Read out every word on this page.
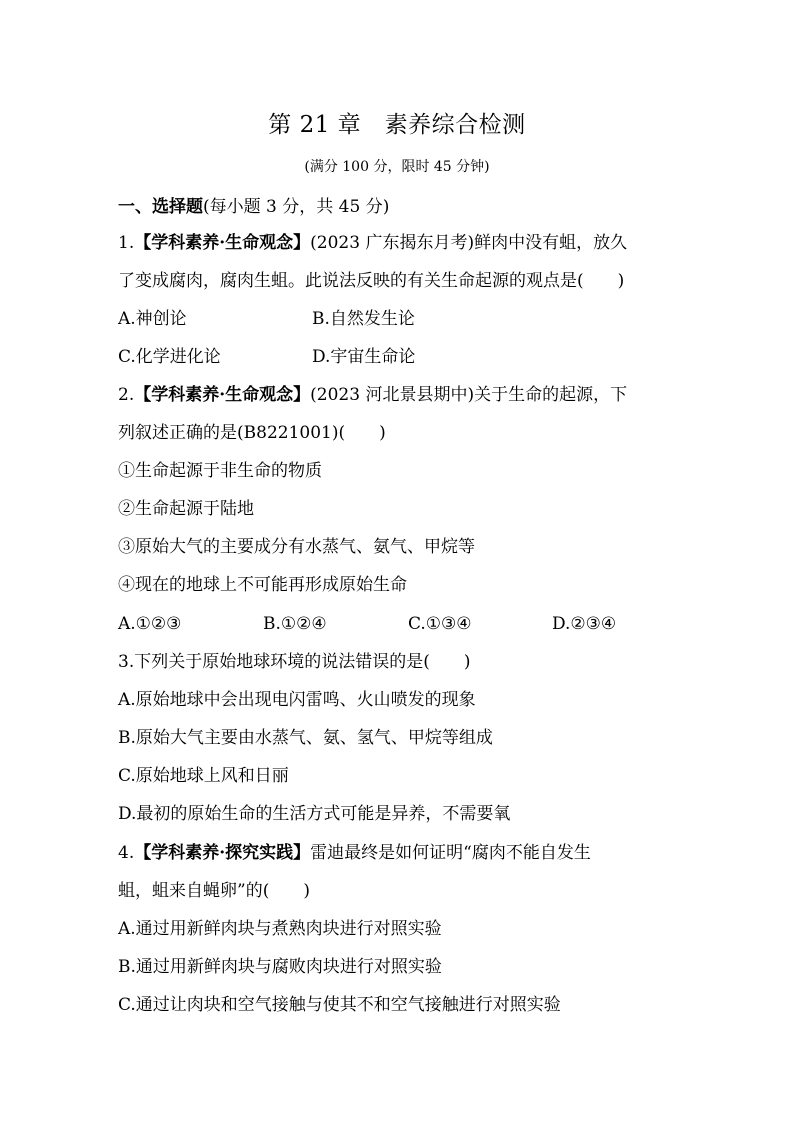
第 21 章　素养综合检测
(满分 100 分，限时 45 分钟)
一、选择题(每小题 3 分，共 45 分)
1.【学科素养·生命观念】(2023 广东揭东月考)鲜肉中没有蛆，放久
了变成腐肉，腐肉生蛆。此说法反映的有关生命起源的观点是( )
A.神创论	B.自然发生论
C.化学进化论	D.宇宙生命论
2.【学科素养·生命观念】(2023 河北景县期中)关于生命的起源，下
列叙述正确的是(B8221001)( )
①生命起源于非生命的物质
②生命起源于陆地
③原始大气的主要成分有水蒸气、氨气、甲烷等
④现在的地球上不可能再形成原始生命
A.①②③	B.①②④	C.①③④	D.②③④
3.下列关于原始地球环境的说法错误的是( )
A.原始地球中会出现电闪雷鸣、火山喷发的现象
B.原始大气主要由水蒸气、氨、氢气、甲烷等组成
C.原始地球上风和日丽
D.最初的原始生命的生活方式可能是异养，不需要氧
4.【学科素养·探究实践】雷迪最终是如何证明“腐肉不能自发生
蛆，蛆来自蝇卵”的( )
A.通过用新鲜肉块与煮熟肉块进行对照实验
B.通过用新鲜肉块与腐败肉块进行对照实验
C.通过让肉块和空气接触与使其不和空气接触进行对照实验
